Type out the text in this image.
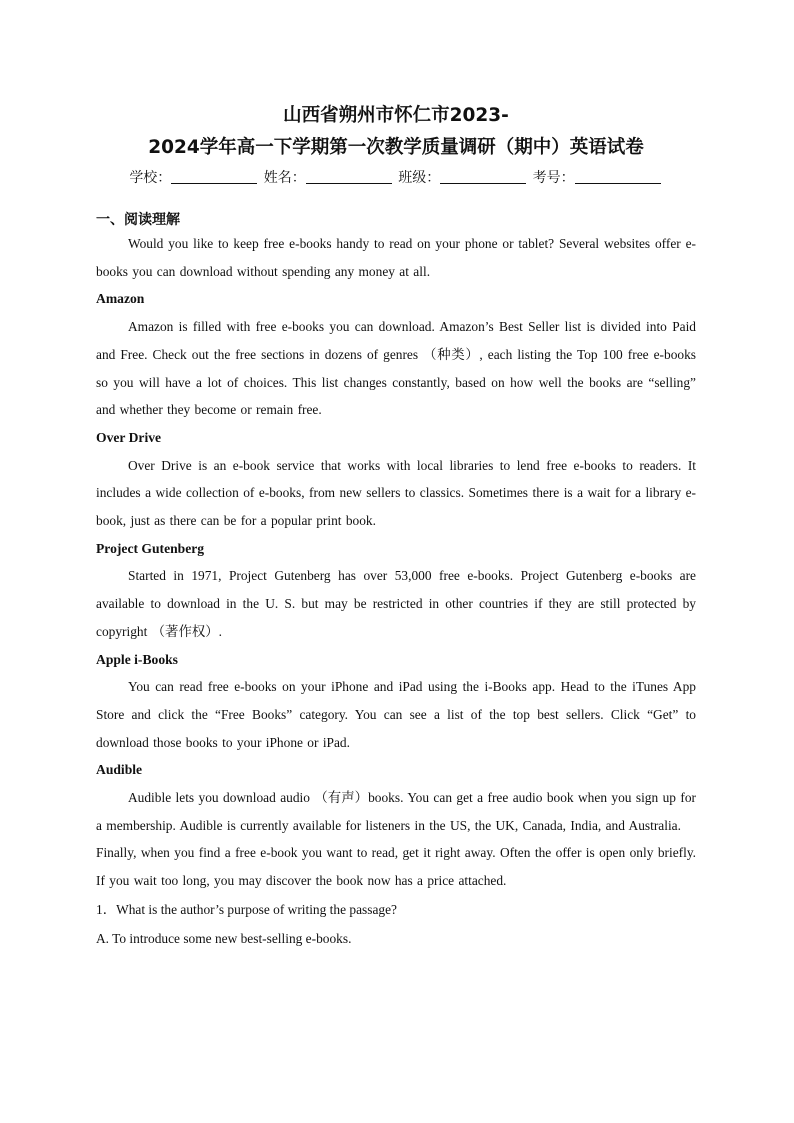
山西省朔州市怀仁市2023-
2024学年高一下学期第一次教学质量调研（期中）英语试卷
学校：	姓名：	班级：	考号：
一、阅读理解

Would you like to keep free e-books handy to read on your phone or tablet? Several websites offer e-books you can download without spending any money at all.

Amazon

Amazon is filled with free e-books you can download. Amazon’s Best Seller list is divided into Paid and Free. Check out the free sections in dozens of genres （种类）, each listing the Top 100 free e-books so you will have a lot of choices. This list changes constantly, based on how well the books are “selling” and whether they become or remain free.

Over Drive

Over Drive is an e-book service that works with local libraries to lend free e-books to readers. It includes a wide collection of e-books, from new sellers to classics. Sometimes there is a wait for a library e-book, just as there can be for a popular print book.

Project Gutenberg

Started in 1971, Project Gutenberg has over 53,000 free e-books. Project Gutenberg e-books are available to download in the U. S. but may be restricted in other countries if they are still protected by copyright （著作权）.

Apple i-Books

You can read free e-books on your iPhone and iPad using the i-Books app. Head to the iTunes App Store and click the “Free Books” category. You can see a list of the top best sellers. Click “Get” to download those books to your iPhone or iPad.

Audible

Audible lets you download audio （有声）books. You can get a free audio book when you sign up for a membership. Audible is currently available for listeners in the US, the UK, Canada, India, and Australia.

Finally, when you find a free e-book you want to read, get it right away. Often the offer is open only briefly. If you wait too long, you may discover the book now has a price attached.

1．What is the author’s purpose of writing the passage?
A. To introduce some new best-selling e-books.
